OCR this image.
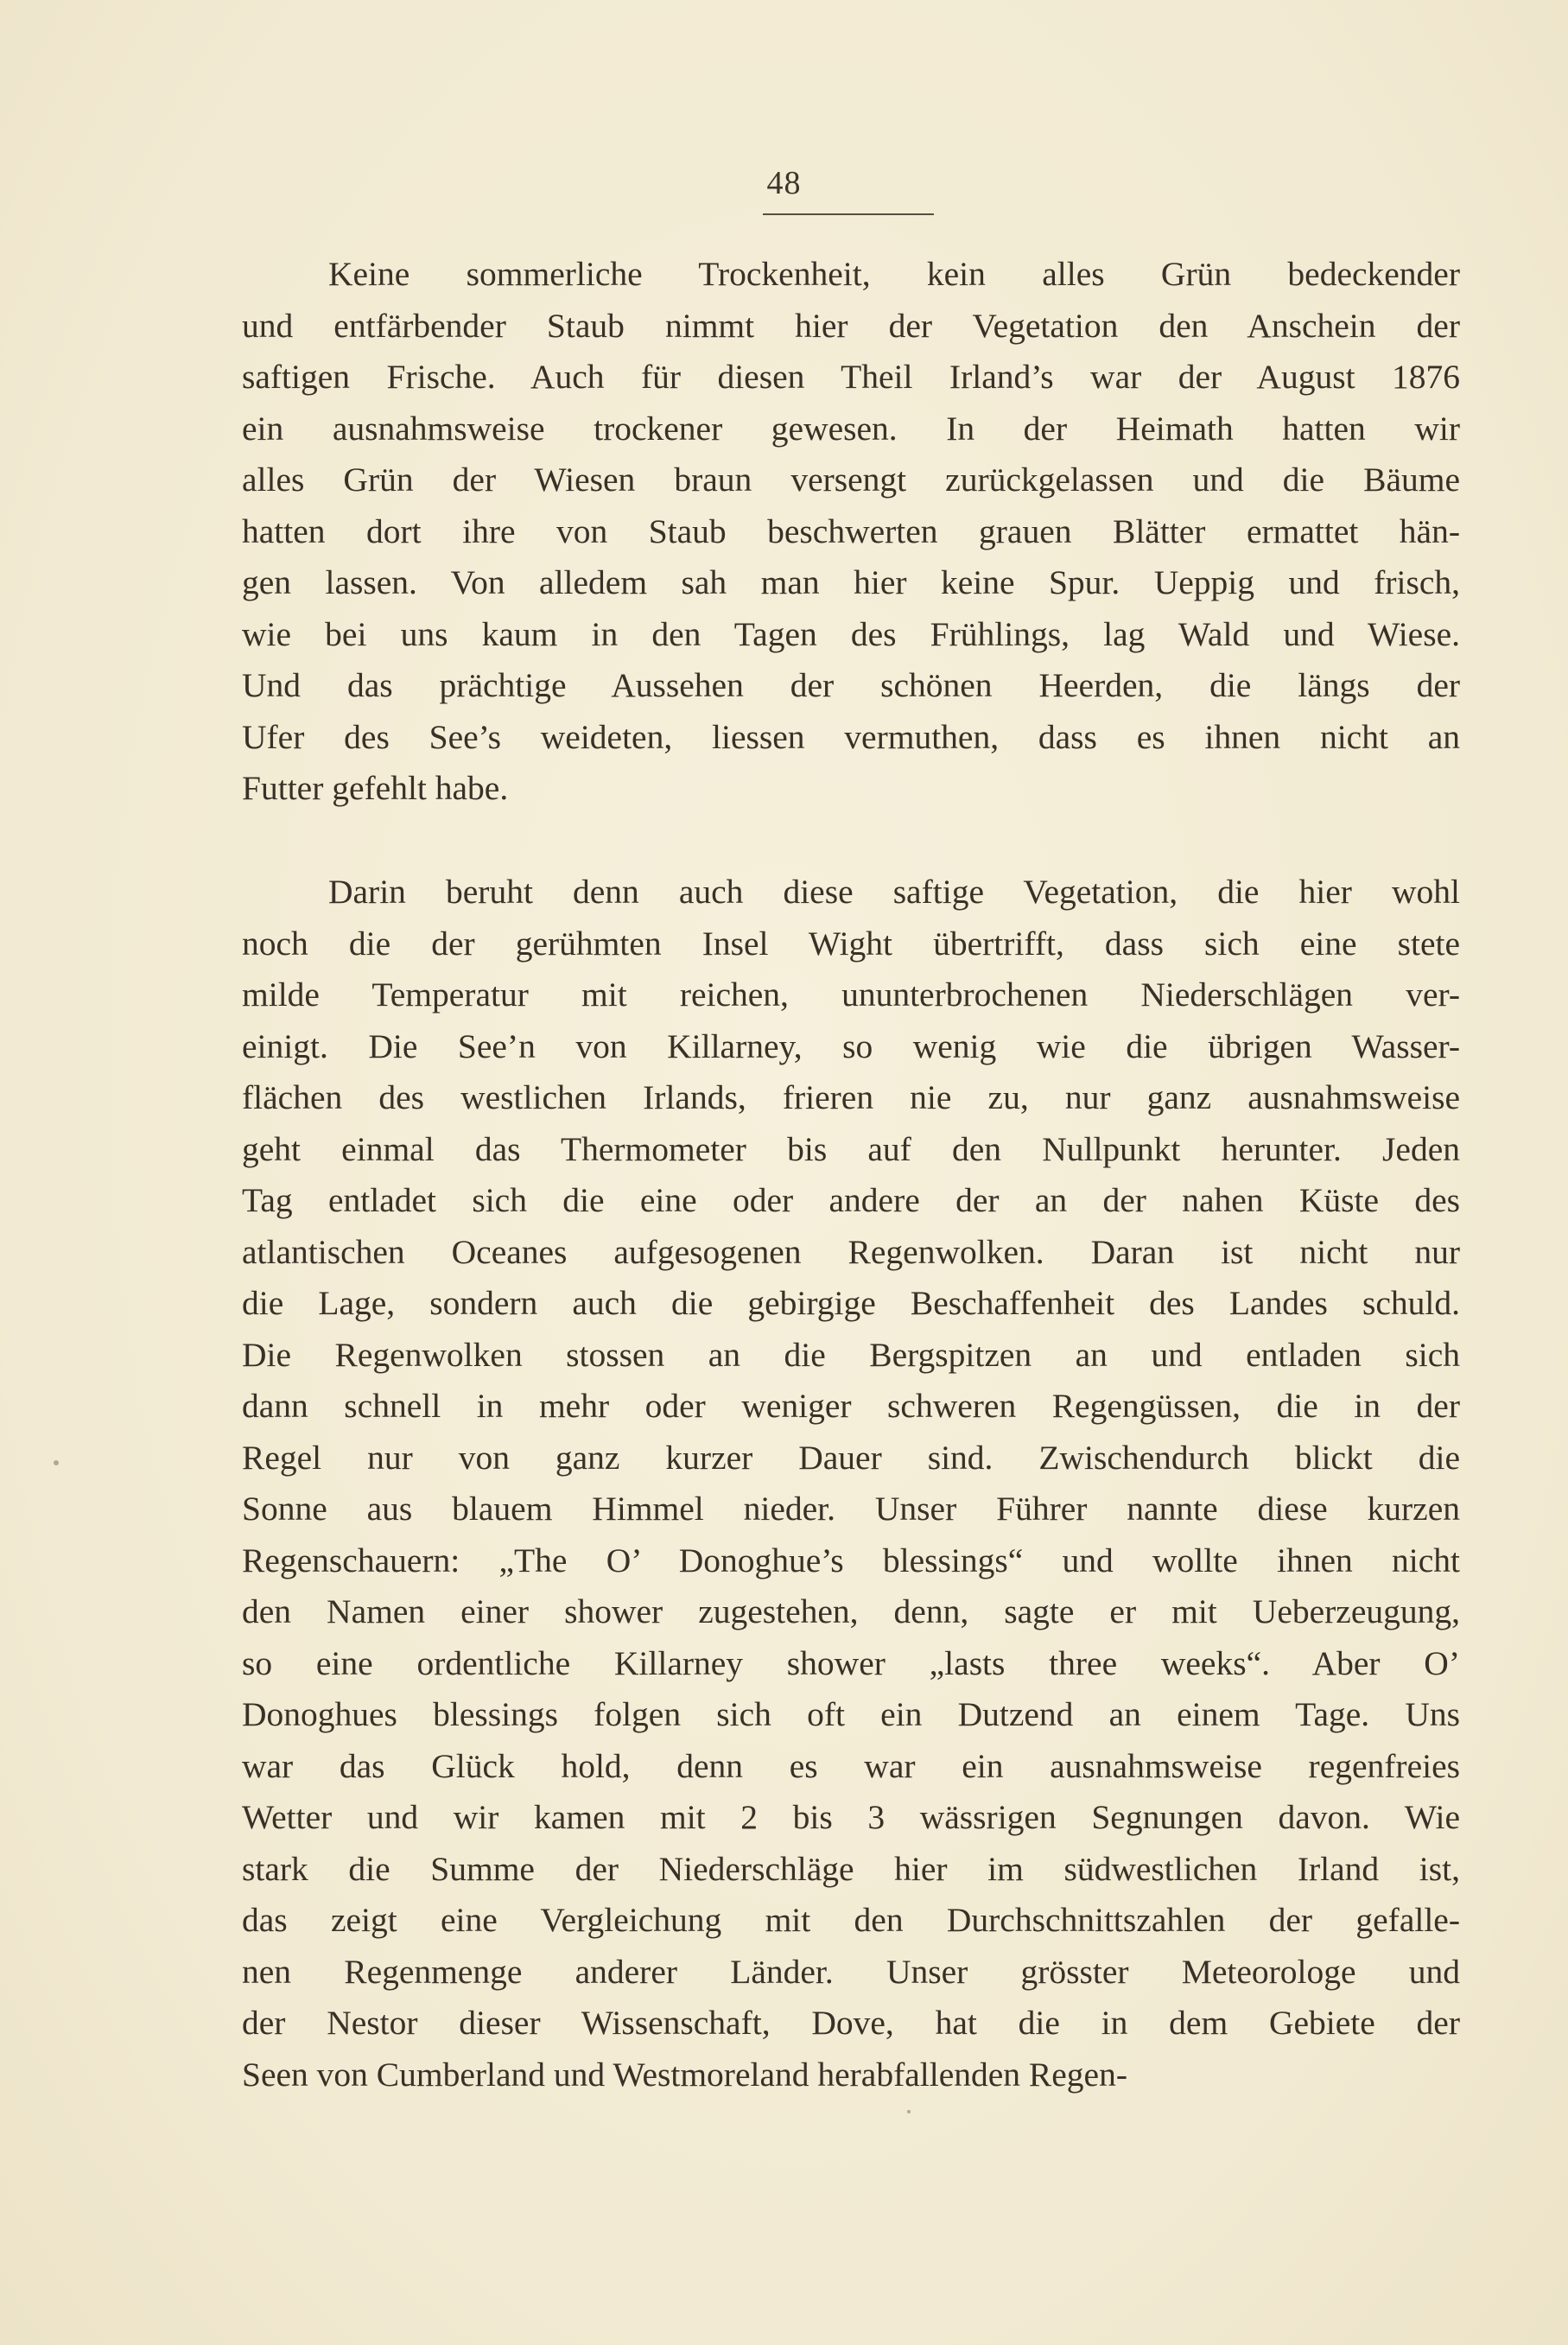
48
Keine sommerliche Trockenheit, kein alles Grün bedeckender
und entfärbender Staub nimmt hier der Vegetation den Anschein der
saftigen Frische. Auch für diesen Theil Irland’s war der August 1876
ein ausnahmsweise trockener gewesen. In der Heimath hatten wir
alles Grün der Wiesen braun versengt zurückgelassen und die Bäume
hatten dort ihre von Staub beschwerten grauen Blätter ermattet hän-
gen lassen. Von alledem sah man hier keine Spur. Ueppig und frisch,
wie bei uns kaum in den Tagen des Frühlings, lag Wald und Wiese.
Und das prächtige Aussehen der schönen Heerden, die längs der
Ufer des See’s weideten, liessen vermuthen, dass es ihnen nicht an
Futter gefehlt habe.
Darin beruht denn auch diese saftige Vegetation, die hier wohl
noch die der gerühmten Insel Wight übertrifft, dass sich eine stete
milde Temperatur mit reichen, ununterbrochenen Niederschlägen ver-
einigt. Die See’n von Killarney, so wenig wie die übrigen Wasser-
flächen des westlichen Irlands, frieren nie zu, nur ganz ausnahmsweise
geht einmal das Thermometer bis auf den Nullpunkt herunter. Jeden
Tag entladet sich die eine oder andere der an der nahen Küste des
atlantischen Oceanes aufgesogenen Regenwolken. Daran ist nicht nur
die Lage, sondern auch die gebirgige Beschaffenheit des Landes schuld.
Die Regenwolken stossen an die Bergspitzen an und entladen sich
dann schnell in mehr oder weniger schweren Regengüssen, die in der
Regel nur von ganz kurzer Dauer sind. Zwischendurch blickt die
Sonne aus blauem Himmel nieder. Unser Führer nannte diese kurzen
Regenschauern: „The O’ Donoghue’s blessings“ und wollte ihnen nicht
den Namen einer shower zugestehen, denn, sagte er mit Ueberzeugung,
so eine ordentliche Killarney shower „lasts three weeks“. Aber O’
Donoghues blessings folgen sich oft ein Dutzend an einem Tage. Uns
war das Glück hold, denn es war ein ausnahmsweise regenfreies
Wetter und wir kamen mit 2 bis 3 wässrigen Segnungen davon. Wie
stark die Summe der Niederschläge hier im südwestlichen Irland ist,
das zeigt eine Vergleichung mit den Durchschnittszahlen der gefalle-
nen Regenmenge anderer Länder. Unser grösster Meteorologe und
der Nestor dieser Wissenschaft, Dove, hat die in dem Gebiete der
Seen von Cumberland und Westmoreland herabfallenden Regen-
